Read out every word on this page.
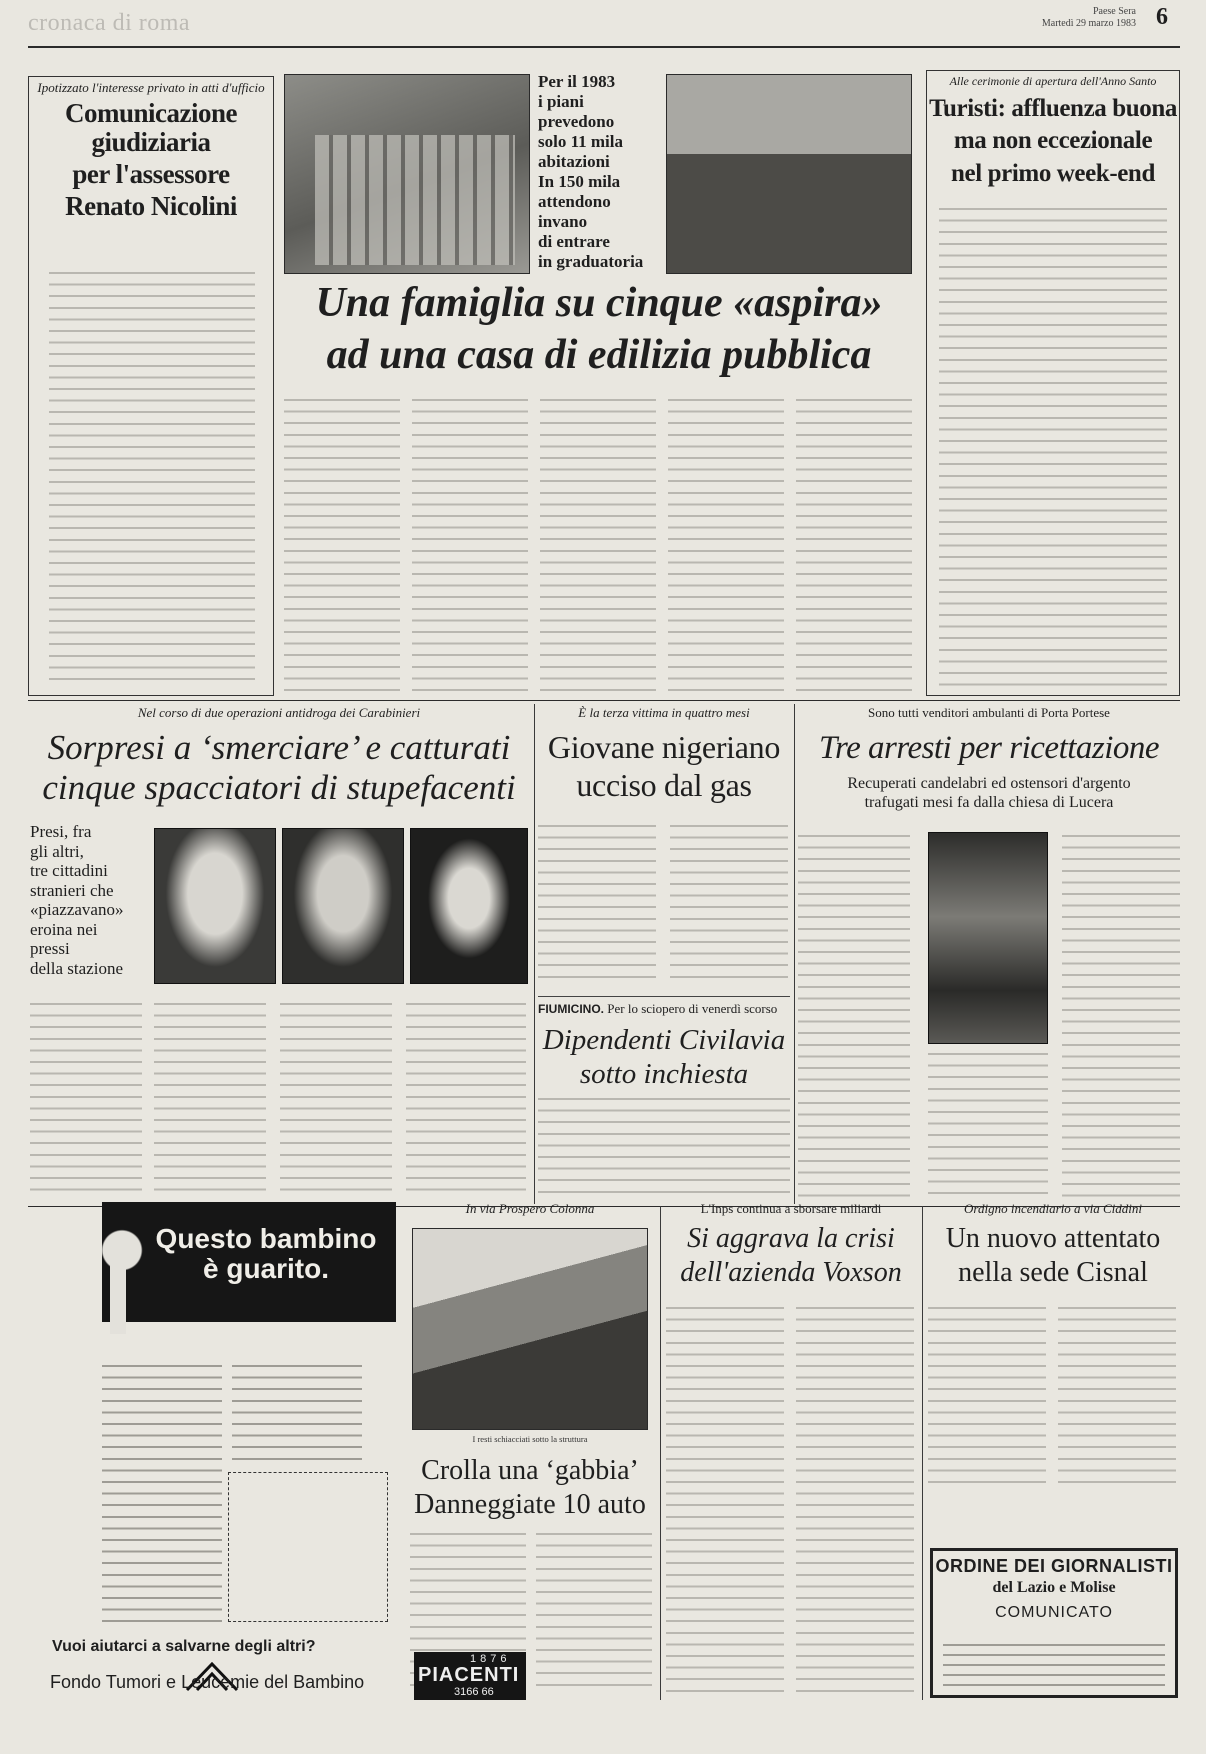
cronaca di roma	Paese Sera
Martedì 29 marzo 1983 6
Ipotizzato l'interesse privato in atti d'ufficio
Comunicazione giudiziaria
per l'assessore
Renato Nicolini
Per il 1983
i piani
prevedono
solo 11 mila
abitazioni
In 150 mila
attendono
invano
di entrare
in graduatoria
Una famiglia su cinque «aspira»
ad una casa di edilizia pubblica
Alle cerimonie di apertura dell'Anno Santo
Turisti: affluenza buona
ma non eccezionale
nel primo week-end
Nel corso di due operazioni antidroga dei Carabinieri
Sorpresi a ‘smerciare’ e catturati
cinque spacciatori di stupefacenti
Presi, fra
gli altri,
tre cittadini
stranieri che
«piazzavano»
eroina nei
pressi
della stazione
È la terza vittima in quattro mesi
Giovane nigeriano
ucciso dal gas
FIUMICINO. Per lo sciopero di venerdì scorso
Dipendenti Civilavia
sotto inchiesta
Sono tutti venditori ambulanti di Porta Portese
Tre arresti per ricettazione
Recuperati candelabri ed ostensori d'argento
trafugati mesi fa dalla chiesa di Lucera
Questo bambino
è guarito.
Vuoi aiutarci a salvarne degli altri?
Fondo Tumori e Leucemie del Bambino
In via Prospero Colonna
I resti schiacciati sotto la struttura
Crolla una ‘gabbia’
Danneggiate 10 auto
1876
PIACENTI
3166 66
L'Inps continua a sborsare miliardi
Si aggrava la crisi
dell'azienda Voxson
Ordigno incendiario a via Ciddini
Un nuovo attentato
nella sede Cisnal
ORDINE DEI GIORNALISTI
del Lazio e Molise
COMUNICATO
